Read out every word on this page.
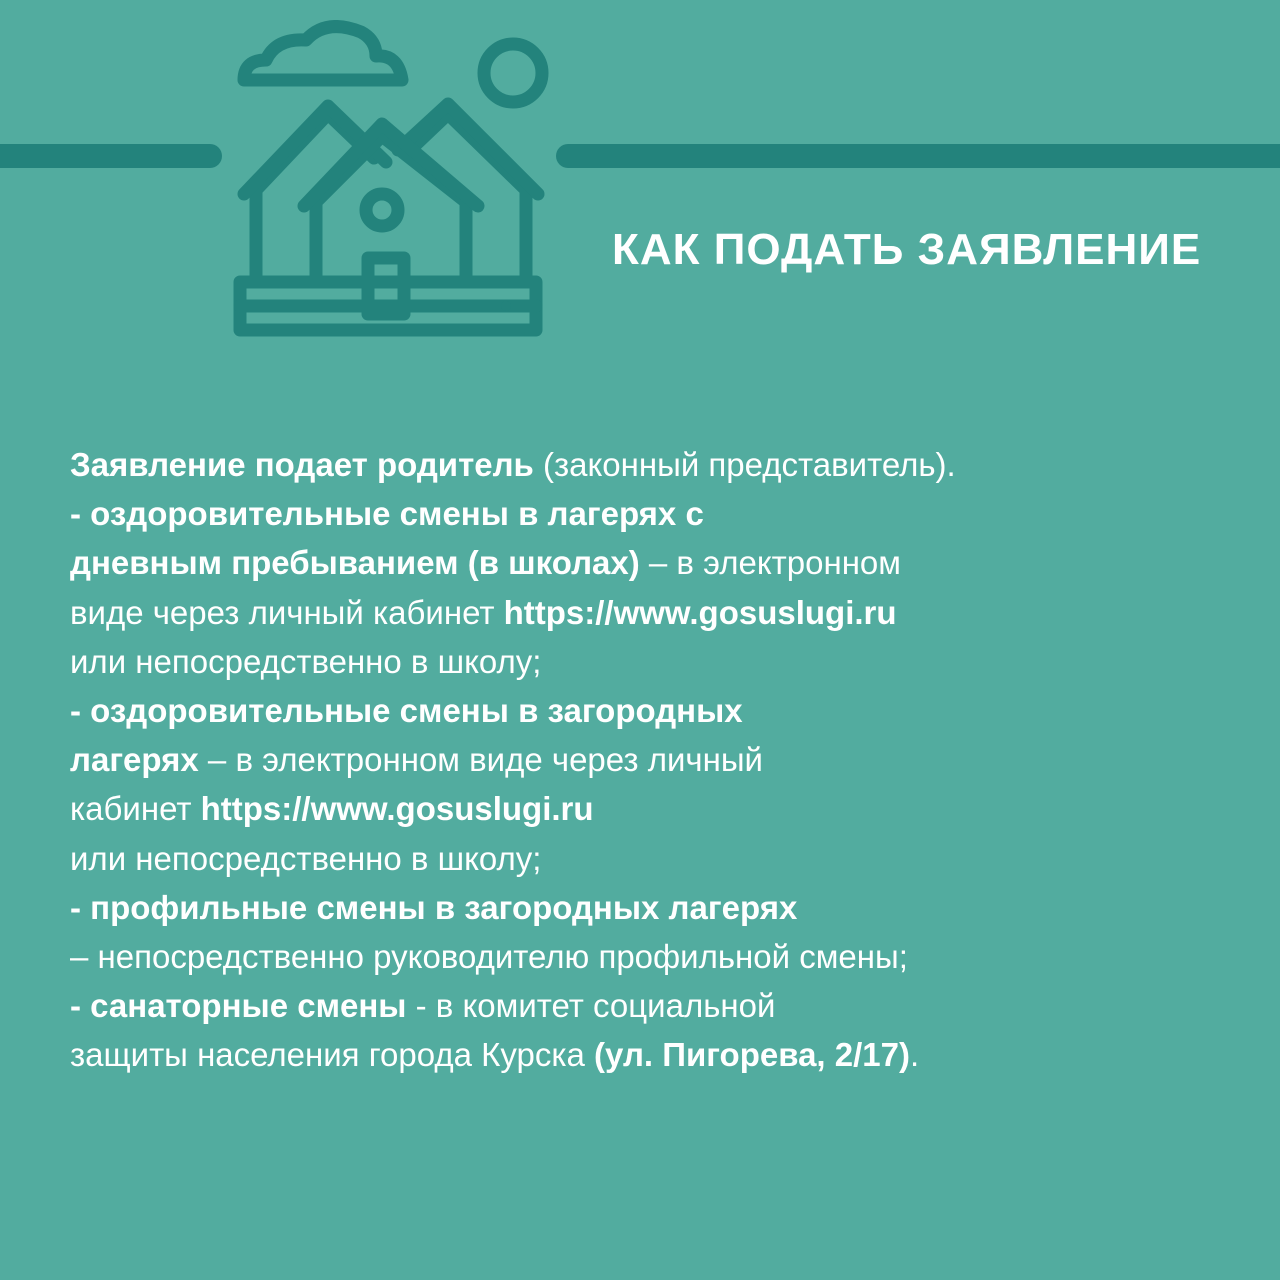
КАК ПОДАТЬ ЗАЯВЛЕНИЕ
Заявление подает родитель (законный представитель).
- оздоровительные смены в лагерях с
дневным пребыванием (в школах) – в электронном
виде через личный кабинет https://www.gosuslugi.ru
или непосредственно в школу;
- оздоровительные смены в загородных
лагерях – в электронном виде через личный
кабинет https://www.gosuslugi.ru
или непосредственно в школу;
- профильные смены в загородных лагерях
– непосредственно руководителю профильной смены;
- санаторные смены - в комитет социальной
защиты населения города Курска (ул. Пигорева, 2/17).
